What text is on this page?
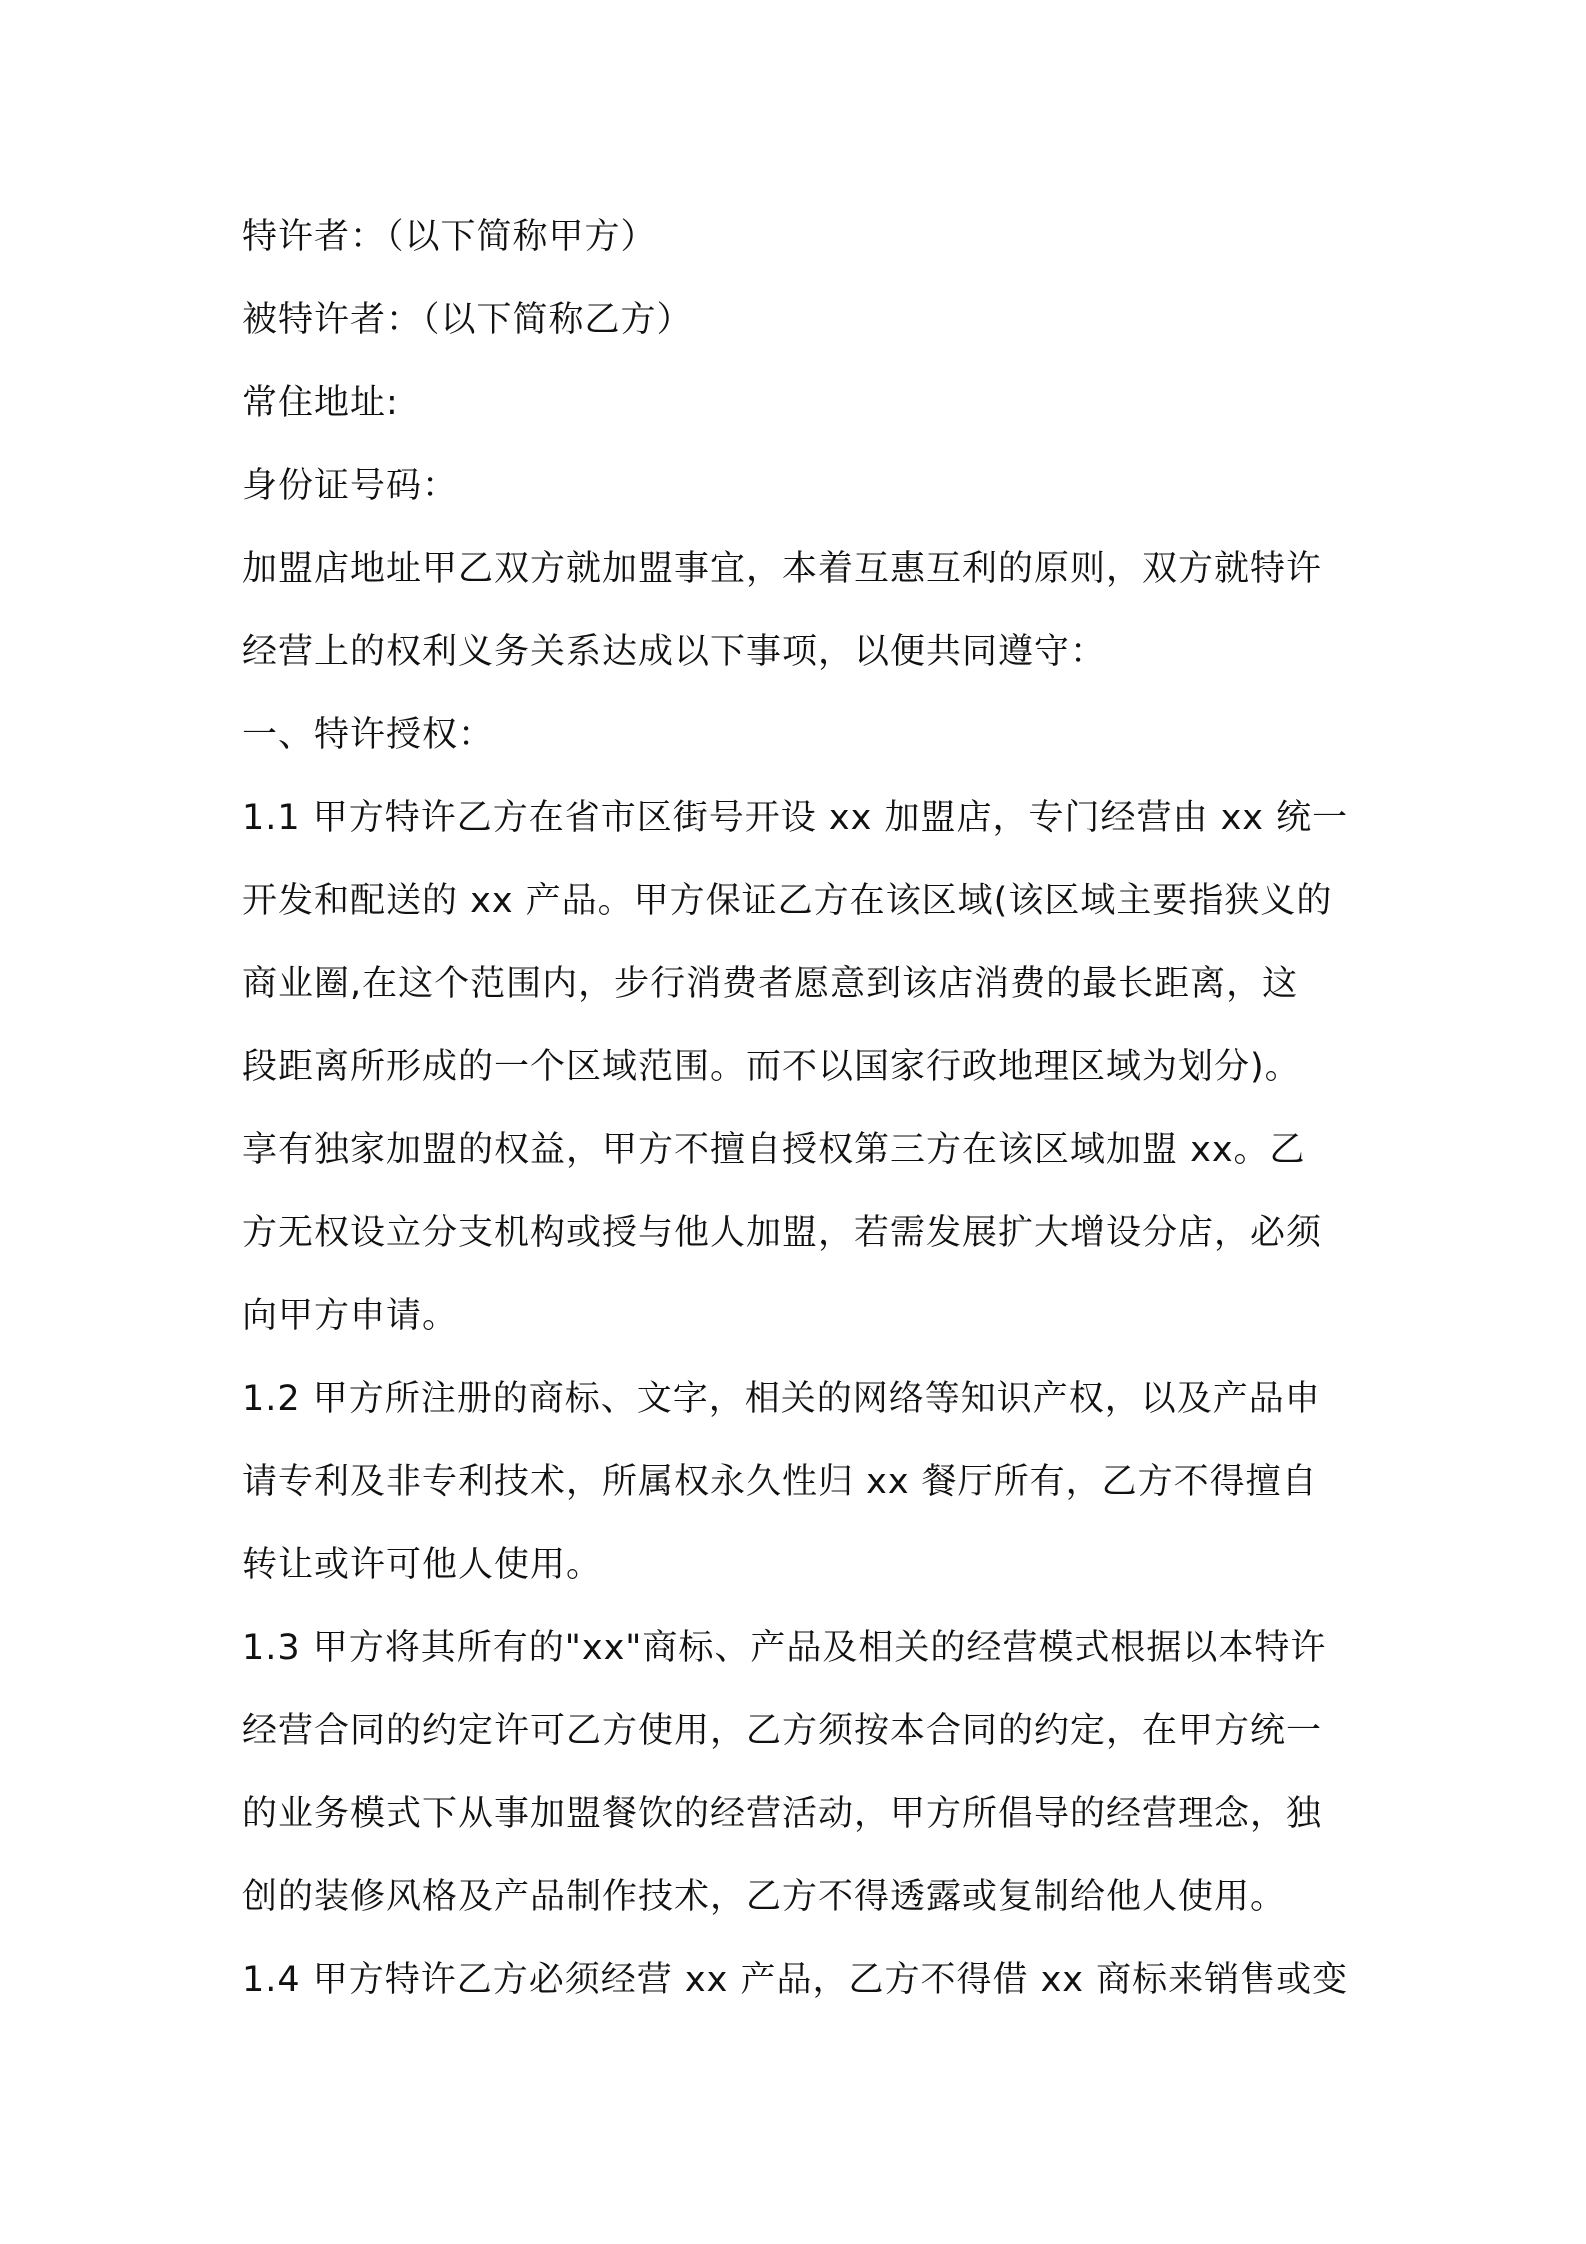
特许者：（以下简称甲方）
被特许者：（以下简称乙方）
常住地址:
身份证号码：
加盟店地址甲乙双方就加盟事宜，本着互惠互利的原则，双方就特许
经营上的权利义务关系达成以下事项，以便共同遵守：
一、特许授权：
1.1 甲方特许乙方在省市区街号开设 xx 加盟店，专门经营由 xx 统一
开发和配送的 xx 产品。甲方保证乙方在该区域(该区域主要指狭义的
商业圈,在这个范围内，步行消费者愿意到该店消费的最长距离，这
段距离所形成的一个区域范围。而不以国家行政地理区域为划分)。
享有独家加盟的权益，甲方不擅自授权第三方在该区域加盟 xx。乙
方无权设立分支机构或授与他人加盟，若需发展扩大增设分店，必须
向甲方申请。
1.2 甲方所注册的商标、文字，相关的网络等知识产权，以及产品申
请专利及非专利技术，所属权永久性归 xx 餐厅所有，乙方不得擅自
转让或许可他人使用。
1.3 甲方将其所有的"xx"商标、产品及相关的经营模式根据以本特许
经营合同的约定许可乙方使用，乙方须按本合同的约定，在甲方统一
的业务模式下从事加盟餐饮的经营活动，甲方所倡导的经营理念，独
创的装修风格及产品制作技术，乙方不得透露或复制给他人使用。
1.4 甲方特许乙方必须经营 xx 产品，乙方不得借 xx 商标来销售或变
